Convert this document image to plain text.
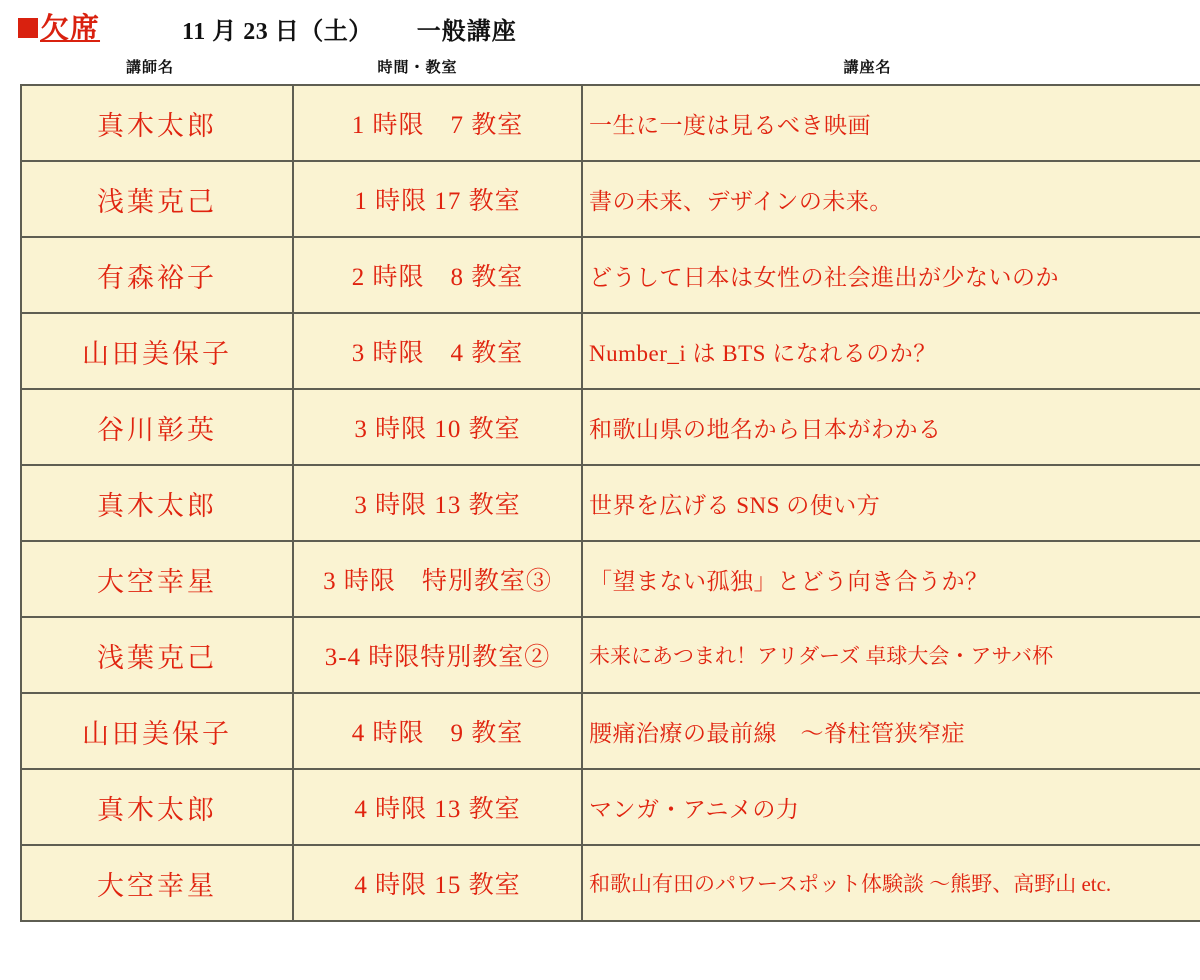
欠席	11 月 23 日（土） 一般講座
講師名	時間・教室	講座名
真木太郎	1 時限　7 教室	一生に一度は見るべき映画
浅葉克己	1 時限 17 教室	書の未来、デザインの未来。
有森裕子	2 時限　8 教室	どうして日本は女性の社会進出が少ないのか
山田美保子	3 時限　4 教室	Number_i は BTS になれるのか？
谷川彰英	3 時限 10 教室	和歌山県の地名から日本がわかる
真木太郎	3 時限 13 教室	世界を広げる SNS の使い方
大空幸星	3 時限　特別教室③	「望まない孤独」とどう向き合うか？
浅葉克己	3-4 時限特別教室②	未来にあつまれ！アリダーズ 卓球大会・アサバ杯
山田美保子	4 時限　9 教室	腰痛治療の最前線　〜脊柱管狭窄症
真木太郎	4 時限 13 教室	マンガ・アニメの力
大空幸星	4 時限 15 教室	和歌山有田のパワースポット体験談 〜熊野、高野山 etc.
